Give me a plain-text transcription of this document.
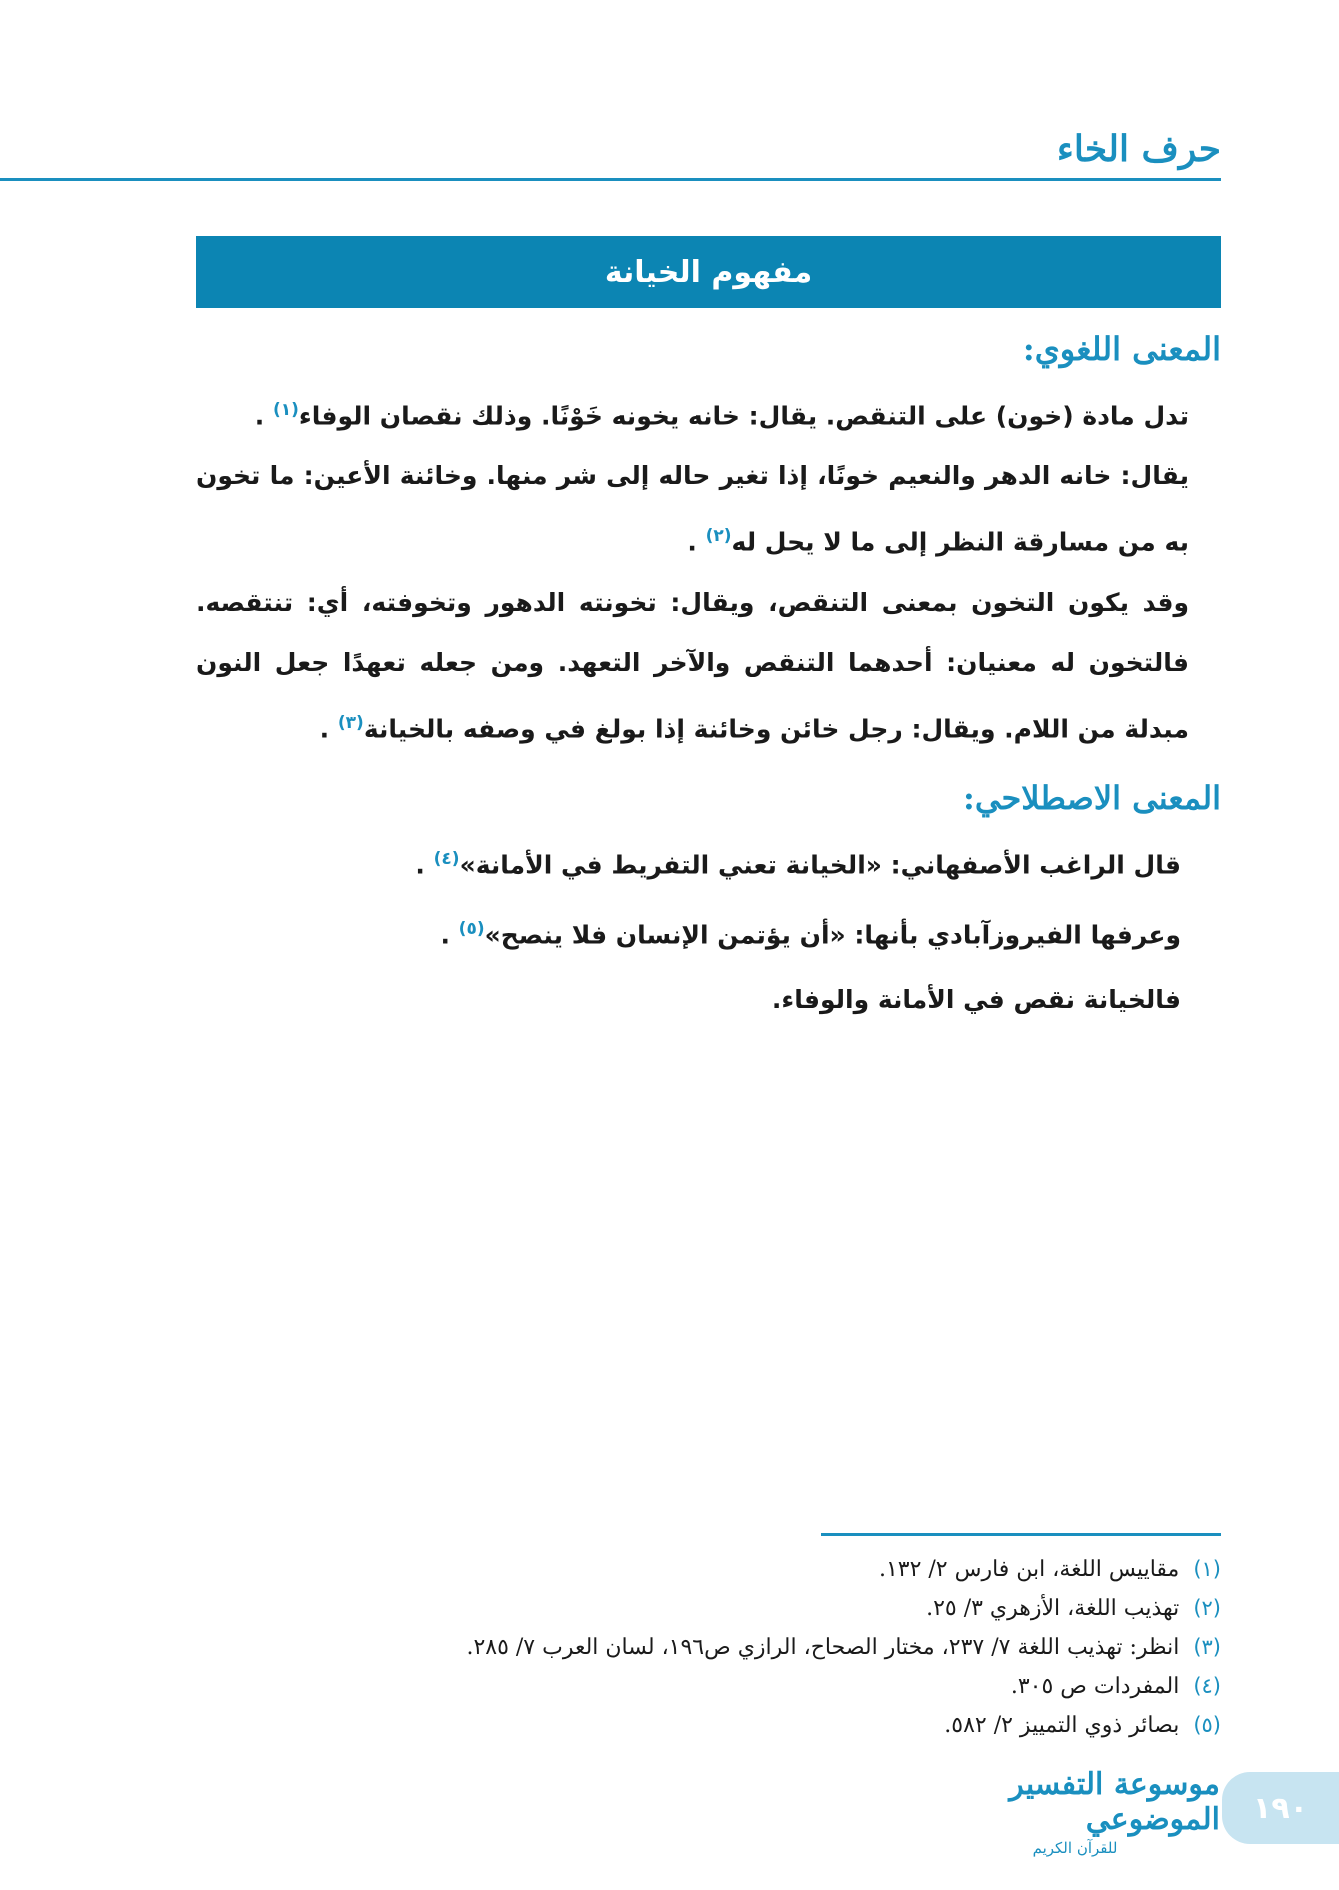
حرف الخاء
مفهوم الخيانة
المعنى اللغوي:

تدل مادة (خون) على التنقص. يقال: خانه يخونه خَوْنًا. وذلك نقصان الوفاء$^{(١)}$ .

يقال: خانه الدهر والنعيم خونًا، إذا تغير حاله إلى شر منها. وخائنة الأعين: ما تخون به من مسارقة النظر إلى ما لا يحل له$^{(٢)}$ .

وقد يكون التخون بمعنى التنقص، ويقال: تخونته الدهور وتخوفته، أي: تنتقصه. فالتخون له معنيان: أحدهما التنقص والآخر التعهد. ومن جعله تعهدًا جعل النون مبدلة من اللام. ويقال: رجل خائن وخائنة إذا بولغ في وصفه بالخيانة$^{(٣)}$ .

المعنى الاصطلاحي:

قال الراغب الأصفهاني: «الخيانة تعني التفريط في الأمانة»$^{(٤)}$ .

وعرفها الفيروزآبادي بأنها: «أن يؤتمن الإنسان فلا ينصح»$^{(٥)}$ .

فالخيانة نقص في الأمانة والوفاء.

(١)
مقاييس اللغة، ابن فارس ٢/ ١٣٢.
(٢)
تهذيب اللغة، الأزهري ٣/ ٢٥.
(٣)
انظر: تهذيب اللغة ٧/ ٢٣٧، مختار الصحاح، الرازي ص١٩٦، لسان العرب ٧/ ٢٨٥.
(٤)
المفردات ص ٣٠٥.
(٥)
بصائر ذوي التمييز ٢/ ٥٨٢.
موسوعة التفسير الموضوعي
للقرآن الكريم
١٩٠
